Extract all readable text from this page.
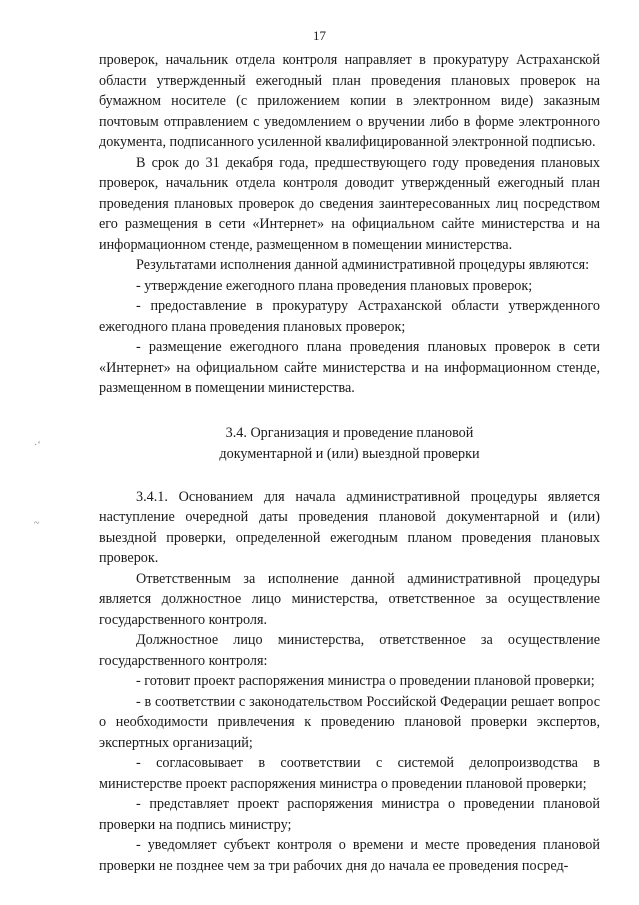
17
·‘
~

проверок, начальник отдела контроля направляет в прокуратуру Астраханской области утвержденный ежегодный план проведения плановых проверок на бумажном носителе (с приложением копии в электронном виде) заказным почтовым отправлением с уведомлением о вручении либо в форме электронного документа, подписанного усиленной квалифицированной электронной подписью.

В срок до 31 декабря года, предшествующего году проведения плановых проверок, начальник отдела контроля доводит утвержденный ежегодный план проведения плановых проверок до сведения заинтересованных лиц посредством его размещения в сети «Интернет» на официальном сайте министерства и на информационном стенде, размещенном в помещении министерства.

Результатами исполнения данной административной процедуры являются:

- утверждение ежегодного плана проведения плановых проверок;

- предоставление в прокуратуру Астраханской области утвержденного ежегодного плана проведения плановых проверок;

- размещение ежегодного плана проведения плановых проверок в сети «Интернет» на официальном сайте министерства и на информационном стенде, размещенном в помещении министерства.

3.4. Организация и проведение плановой
документарной и (или) выездной проверки

3.4.1. Основанием для начала административной процедуры является наступление очередной даты проведения плановой документарной и (или) выездной проверки, определенной ежегодным планом проведения плановых проверок.

Ответственным за исполнение данной административной процедуры является должностное лицо министерства, ответственное за осуществление государственного контроля.

Должностное лицо министерства, ответственное за осуществление государственного контроля:

- готовит проект распоряжения министра о проведении плановой проверки;

- в соответствии с законодательством Российской Федерации решает вопрос о необходимости привлечения к проведению плановой проверки экспертов, экспертных организаций;

- согласовывает в соответствии с системой делопроизводства в министерстве проект распоряжения министра о проведении плановой проверки;

- представляет проект распоряжения министра о проведении плановой проверки на подпись министру;

- уведомляет субъект контроля о времени и месте проведения плановой проверки не позднее чем за три рабочих дня до начала ее проведения посред-
